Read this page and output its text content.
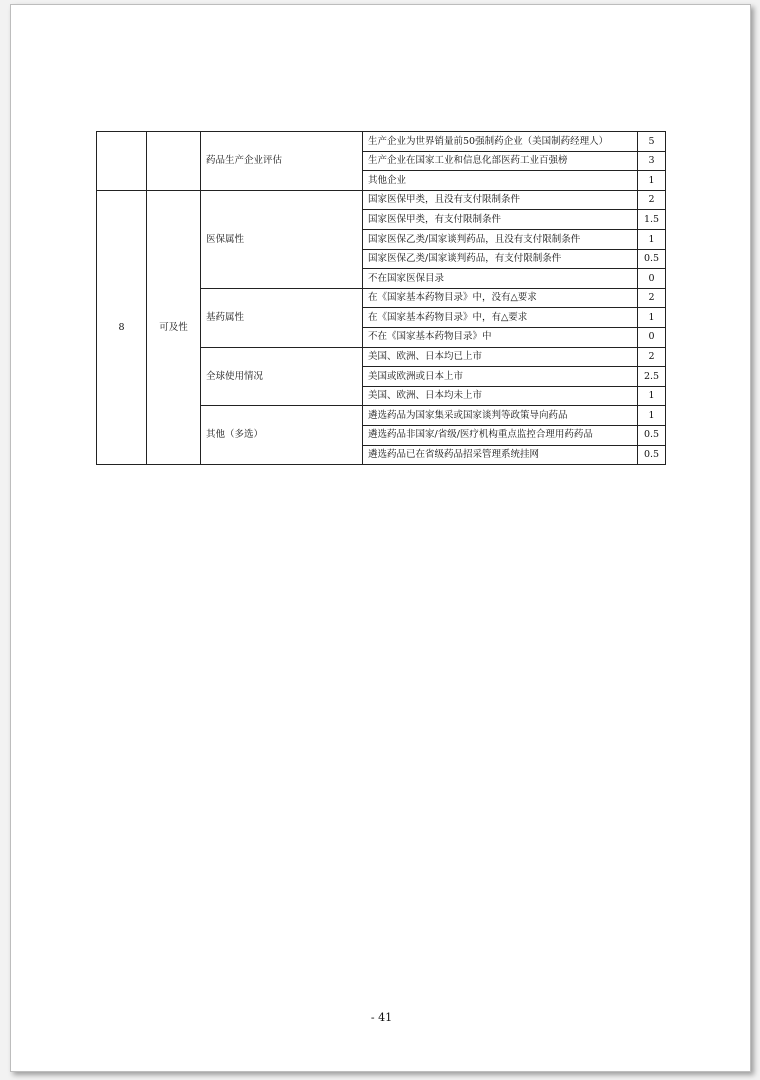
		药品生产企业评估	生产企业为世界销量前50强制药企业（美国制药经理人）	5
			生产企业在国家工业和信息化部医药工业百强榜	3
			其他企业	1
8	可及性	医保属性	国家医保甲类，且没有支付限制条件	2
			国家医保甲类，有支付限制条件	1.5
			国家医保乙类/国家谈判药品，且没有支付限制条件	1
			国家医保乙类/国家谈判药品，有支付限制条件	0.5
			不在国家医保目录	0
		基药属性	在《国家基本药物目录》中，没有△要求	2
			在《国家基本药物目录》中，有△要求	1
			不在《国家基本药物目录》中	0
		全球使用情况	美国、欧洲、日本均已上市	2
			美国或欧洲或日本上市	2.5
			美国、欧洲、日本均未上市	1
		其他（多选）	遴选药品为国家集采或国家谈判等政策导向药品	1
			遴选药品非国家/省级/医疗机构重点监控合理用药药品	0.5
			遴选药品已在省级药品招采管理系统挂网	0.5
- 41
